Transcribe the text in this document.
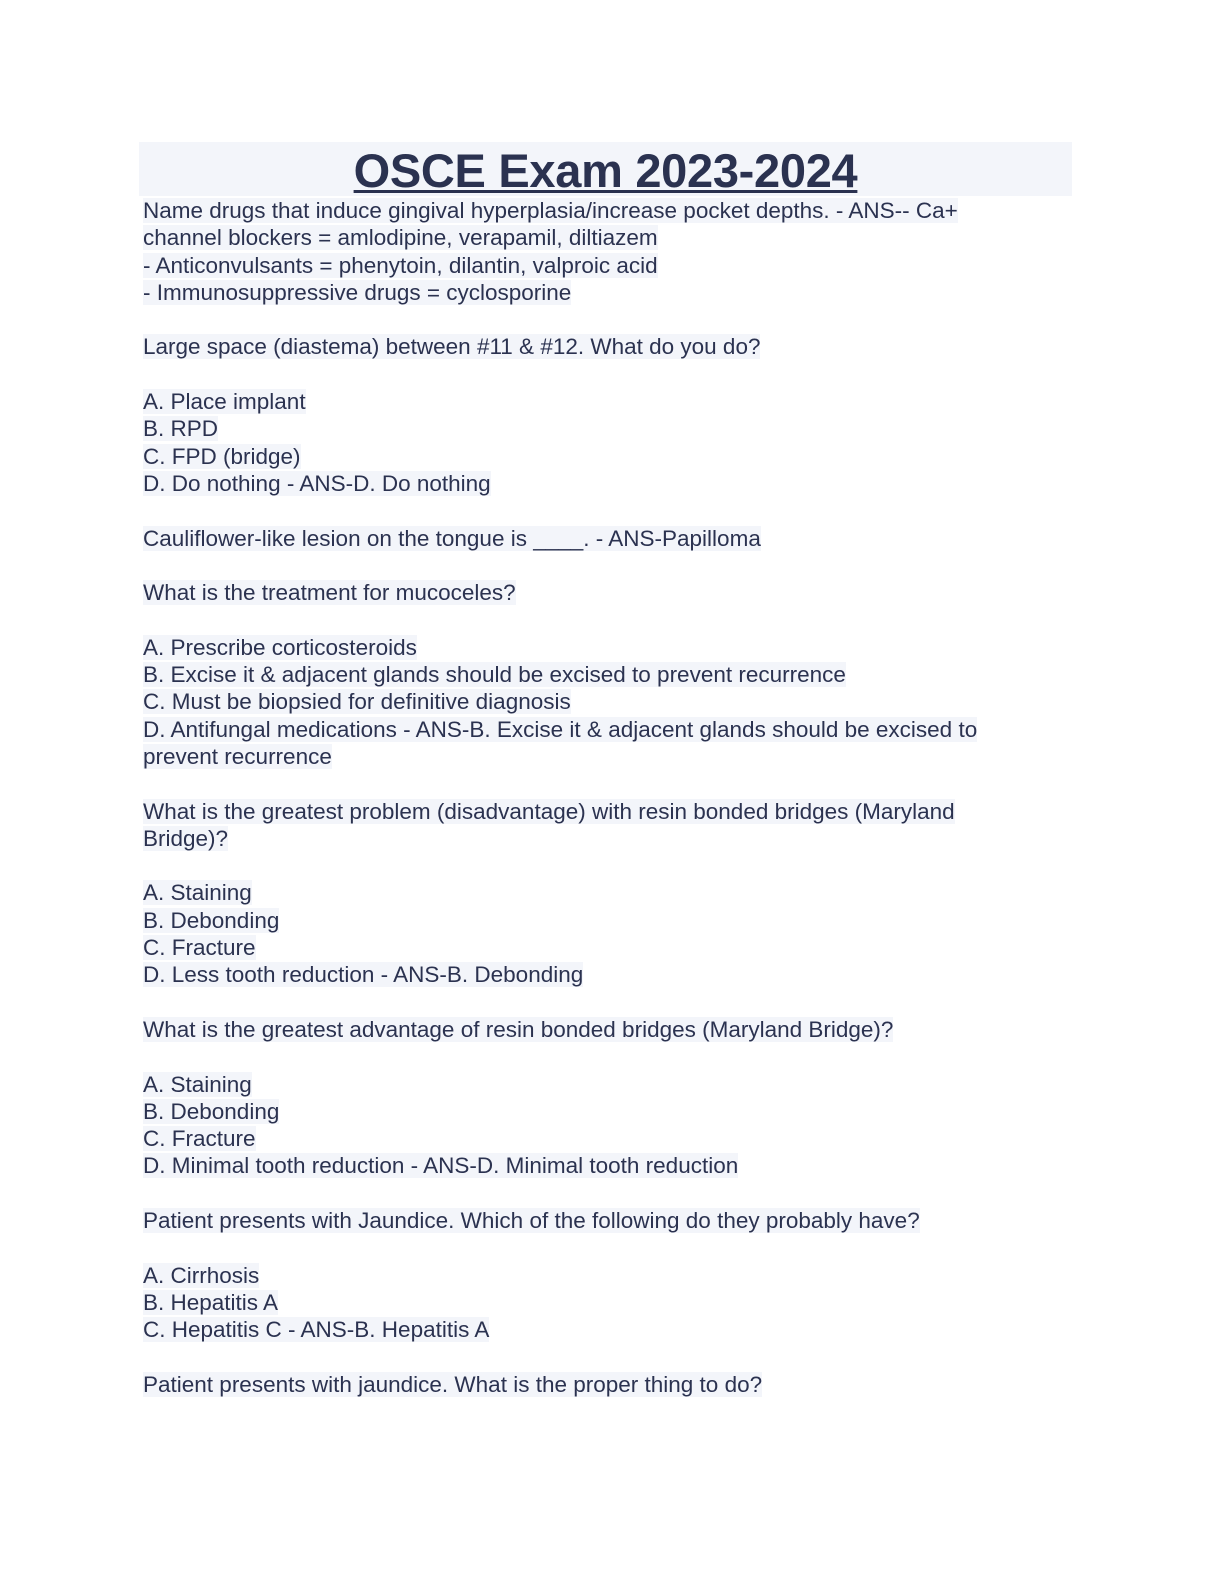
OSCE Exam 2023-2024
Name drugs that induce gingival hyperplasia/increase pocket depths. - ANS-- Ca+
channel blockers = amlodipine, verapamil, diltiazem
- Anticonvulsants = phenytoin, dilantin, valproic acid
- Immunosuppressive drugs = cyclosporine
Large space (diastema) between #11 & #12. What do you do?
A. Place implant
B. RPD
C. FPD (bridge)
D. Do nothing - ANS-D. Do nothing
Cauliflower-like lesion on the tongue is ____. - ANS-Papilloma
What is the treatment for mucoceles?
A. Prescribe corticosteroids
B. Excise it & adjacent glands should be excised to prevent recurrence
C. Must be biopsied for definitive diagnosis
D. Antifungal medications - ANS-B. Excise it & adjacent glands should be excised to
prevent recurrence
What is the greatest problem (disadvantage) with resin bonded bridges (Maryland
Bridge)?
A. Staining
B. Debonding
C. Fracture
D. Less tooth reduction - ANS-B. Debonding
What is the greatest advantage of resin bonded bridges (Maryland Bridge)?
A. Staining
B. Debonding
C. Fracture
D. Minimal tooth reduction - ANS-D. Minimal tooth reduction
Patient presents with Jaundice. Which of the following do they probably have?
A. Cirrhosis
B. Hepatitis A
C. Hepatitis C - ANS-B. Hepatitis A
Patient presents with jaundice. What is the proper thing to do?
